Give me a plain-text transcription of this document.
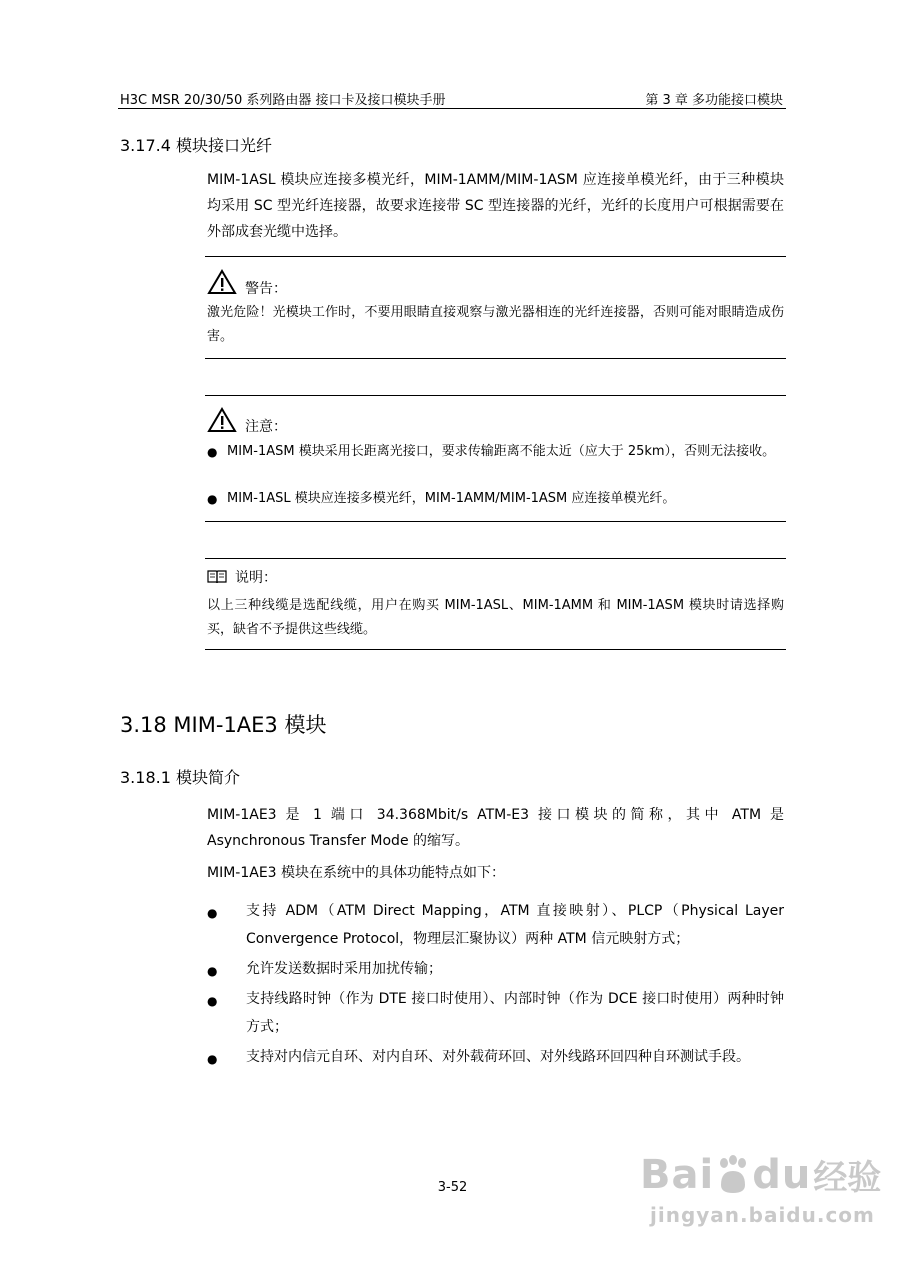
H3C MSR 20/30/50 系列路由器 接口卡及接口模块手册	第 3 章 多功能接口模块
3.17.4 模块接口光纤
MIM-1ASL 模块应连接多模光纤，MIM-1AMM/MIM-1ASM 应连接单模光纤，由于三种模块均采用 SC 型光纤连接器，故要求连接带 SC 型连接器的光纤，光纤的长度用户可根据需要在外部成套光缆中选择。
警告：
激光危险！光模块工作时，不要用眼睛直接观察与激光器相连的光纤连接器，否则可能对眼睛造成伤害。
注意：
● MIM-1ASM 模块采用长距离光接口，要求传输距离不能太近（应大于 25km），否则无法接收。
● MIM-1ASL 模块应连接多模光纤，MIM-1AMM/MIM-1ASM 应连接单模光纤。
说明：
以上三种线缆是选配线缆，用户在购买 MIM-1ASL、MIM-1AMM 和 MIM-1ASM 模块时请选择购买，缺省不予提供这些线缆。
3.18 MIM-1AE3 模块
3.18.1 模块简介
MIM-1AE3 是 1 端口 34.368Mbit/s ATM-E3 接口模块的简称，其中 ATM 是 Asynchronous Transfer Mode 的缩写。
MIM-1AE3 模块在系统中的具体功能特点如下：
● 支持 ADM（ATM Direct Mapping，ATM 直接映射）、PLCP（Physical Layer Convergence Protocol，物理层汇聚协议）两种 ATM 信元映射方式；
● 允许发送数据时采用加扰传输；
● 支持线路时钟（作为 DTE 接口时使用）、内部时钟（作为 DCE 接口时使用）两种时钟方式；
● 支持对内信元自环、对内自环、对外载荷环回、对外线路环回四种自环测试手段。
3-52	Bai du 经验
jingyan.baidu.com
